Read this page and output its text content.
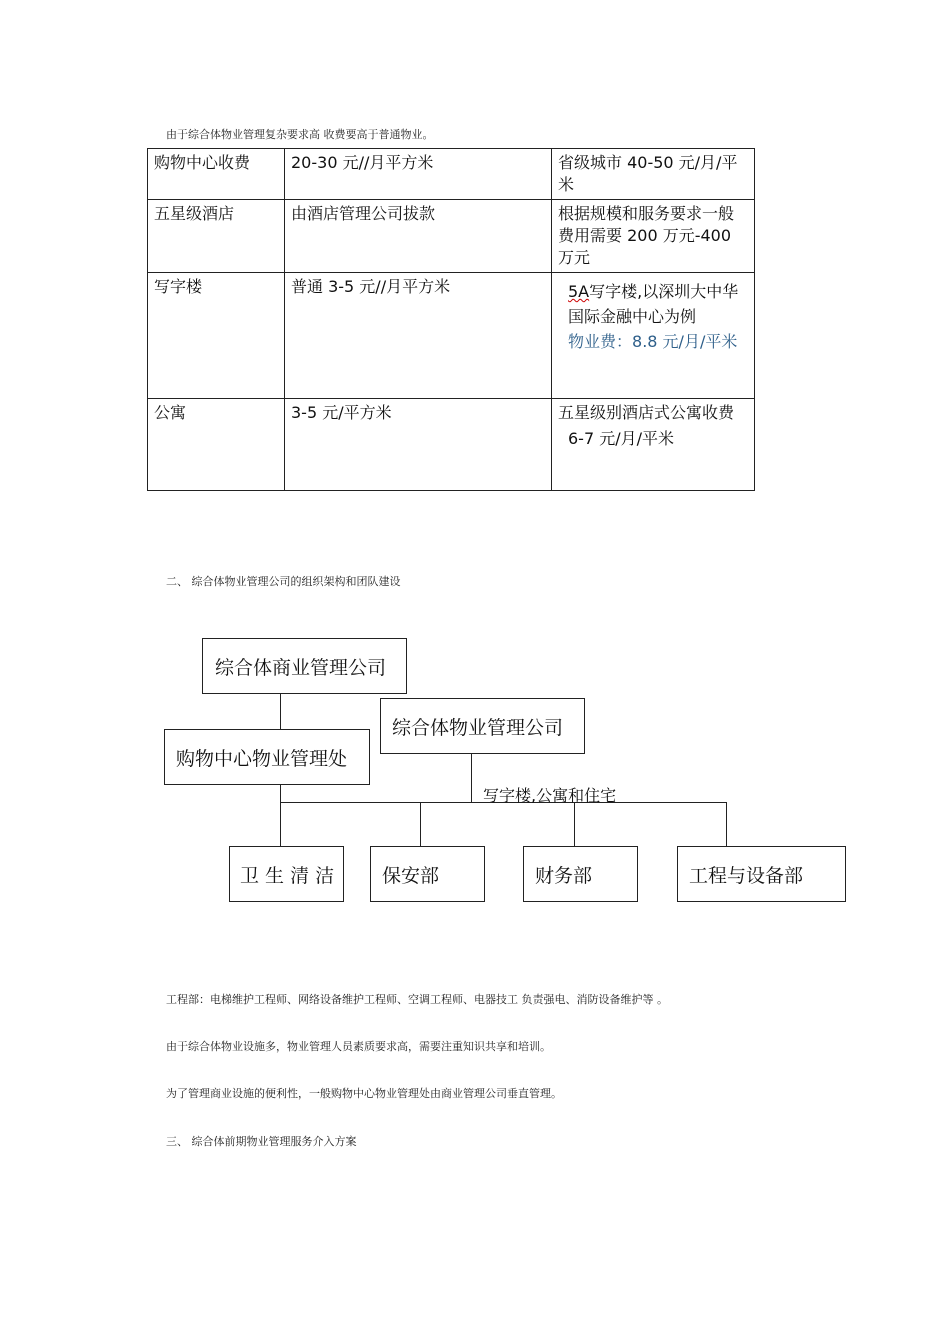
由于综合体物业管理复杂要求高 收费要高于普通物业。
购物中心收费	20-30 元//月平方米	省级城市 40-50 元/月/平米
五星级酒店	由酒店管理公司拔款	根据规模和服务要求一般费用需要 200 万元-400 万元
写字楼	普通 3-5 元//月平方米	5A写字楼,以深圳大中华国际金融中心为例
物业费：8.8 元/月/平米
公寓	3-5 元/平方米	五星级别酒店式公寓收费
6-7 元/月/平米
二、 综合体物业管理公司的组织架构和团队建设
综合体商业管理公司
综合体物业管理公司
购物中心物业管理处
写字楼,公寓和住宅
卫 生 清 洁	保安部	财务部	工程与设备部
工程部：电梯维护工程师、网络设备维护工程师、空调工程师、电器技工 负责强电、消防设备维护等 。
由于综合体物业设施多，物业管理人员素质要求高，需要注重知识共享和培训。
为了管理商业设施的便利性，一般购物中心物业管理处由商业管理公司垂直管理。
三、 综合体前期物业管理服务介入方案
